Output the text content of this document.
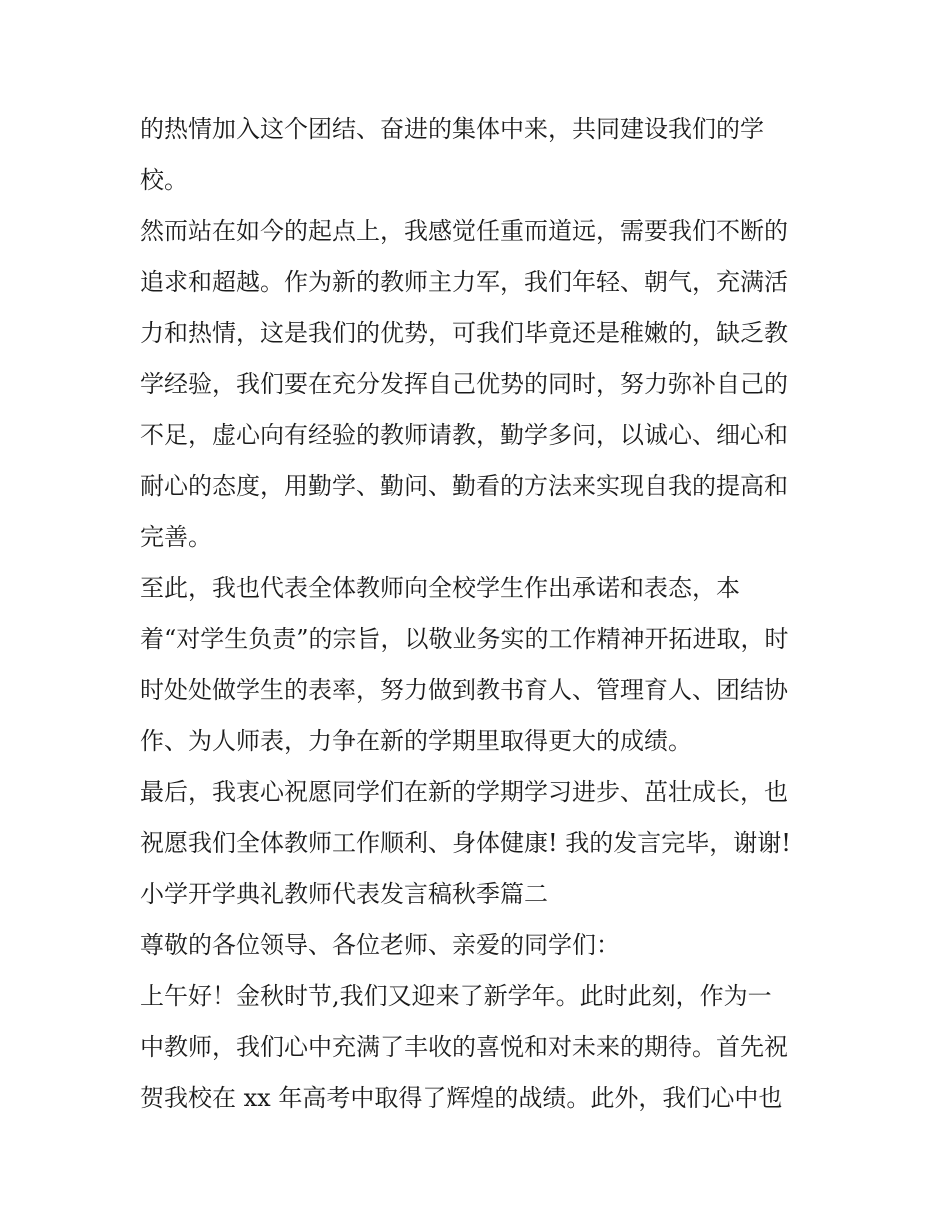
的热情加入这个团结、奋进的集体中来，共同建设我们的学
校。
然而站在如今的起点上，我感觉任重而道远，需要我们不断的
追求和超越。作为新的教师主力军，我们年轻、朝气，充满活
力和热情，这是我们的优势，可我们毕竟还是稚嫩的，缺乏教
学经验，我们要在充分发挥自己优势的同时，努力弥补自己的
不足，虚心向有经验的教师请教，勤学多问，以诚心、细心和
耐心的态度，用勤学、勤问、勤看的方法来实现自我的提高和
完善。
至此，我也代表全体教师向全校学生作出承诺和表态，本
着“对学生负责”的宗旨，以敬业务实的工作精神开拓进取，时
时处处做学生的表率，努力做到教书育人、管理育人、团结协
作、为人师表，力争在新的学期里取得更大的成绩。
最后，我衷心祝愿同学们在新的学期学习进步、茁壮成长，也
祝愿我们全体教师工作顺利、身体健康! 我的发言完毕，谢谢!
小学开学典礼教师代表发言稿秋季篇二
尊敬的各位领导、各位老师、亲爱的同学们：
上午好！金秋时节,我们又迎来了新学年。此时此刻，作为一
中教师，我们心中充满了丰收的喜悦和对未来的期待。首先祝
贺我校在 xx 年高考中取得了辉煌的战绩。此外，我们心中也
